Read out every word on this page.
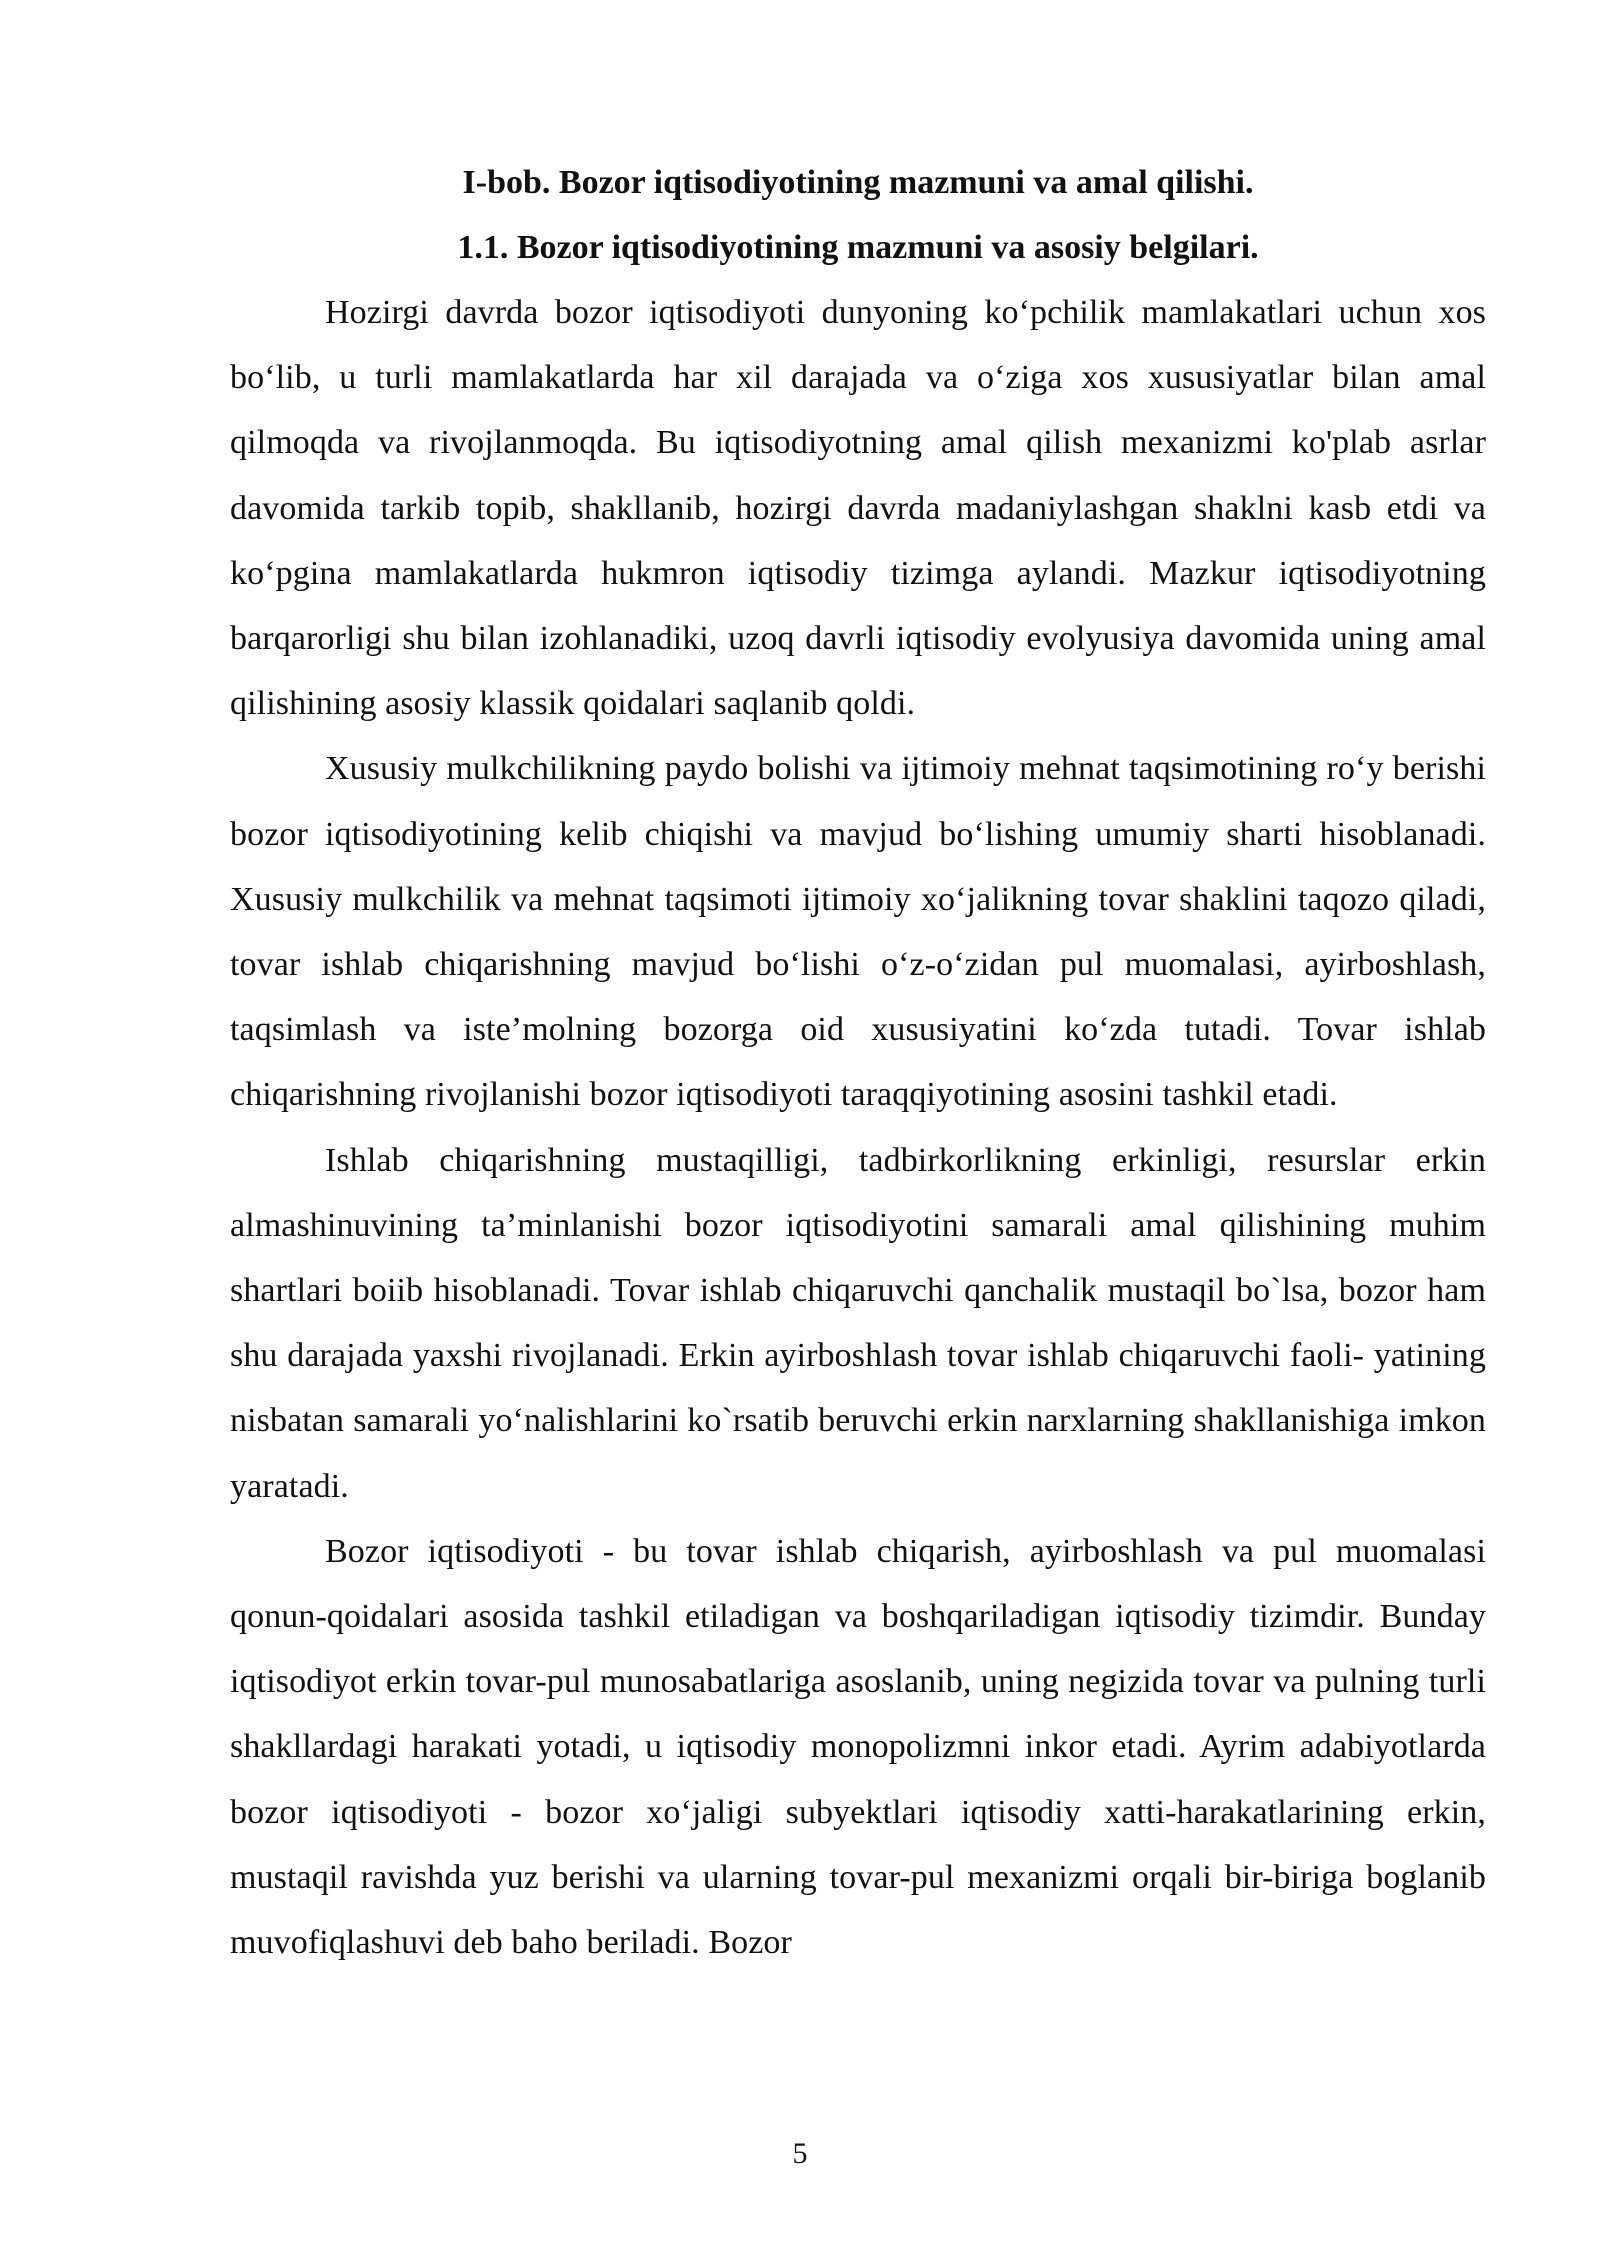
I-bob. Bozor iqtisodiyotining mazmuni va amal qilishi.
1.1. Bozor iqtisodiyotining mazmuni va asosiy belgilari.

Hozirgi davrda bozor iqtisodiyoti dunyoning ko‘pchilik mamlakatlari uchun xos bo‘lib, u turli mamlakatlarda har xil darajada va o‘ziga xos xususiyatlar bilan amal qilmoqda va rivojlanmoqda. Bu iqtisodiyotning amal qilish mexanizmi ko'plab asrlar davomida tarkib topib, shakllanib, hozirgi davrda madaniylashgan shaklni kasb etdi va ko‘pgina mamlakatlarda hukmron iqtisodiy tizimga aylandi. Mazkur iqtisodiyotning barqarorligi shu bilan izohlanadiki, uzoq davrli iqtisodiy evolyusiya davomida uning amal qilishining asosiy klassik qoidalari saqlanib qoldi.

Xususiy mulkchilikning paydo bolishi va ijtimoiy mehnat taqsimotining ro‘y berishi bozor iqtisodiyotining kelib chiqishi va mavjud bo‘lishing umumiy sharti hisoblanadi. Xususiy mulkchilik va mehnat taqsimoti ijtimoiy xo‘jalikning tovar shaklini taqozo qiladi, tovar ishlab chiqarishning mavjud bo‘lishi o‘z-o‘zidan pul muomalasi, ayirboshlash, taqsimlash va iste’molning bozorga oid xususiyatini ko‘zda tutadi. Tovar ishlab chiqarishning rivojlanishi bozor iqtisodiyoti taraqqiyotining asosini tashkil etadi.

Ishlab chiqarishning mustaqilligi, tadbirkorlikning erkinligi, resurslar erkin almashinuvining ta’minlanishi bozor iqtisodiyotini samarali amal qilishining muhim shartlari boiib hisoblanadi. Tovar ishlab chiqaruvchi qanchalik mustaqil bo`lsa, bozor ham shu darajada yaxshi rivojlanadi. Erkin ayirboshlash tovar ishlab chiqaruvchi faoli- yatining nisbatan samarali yo‘nalishlarini ko`rsatib beruvchi erkin narxlarning shakllanishiga imkon yaratadi.

Bozor iqtisodiyoti - bu tovar ishlab chiqarish, ayirboshlash va pul muomalasi qonun-qoidalari asosida tashkil etiladigan va boshqariladigan iqtisodiy tizimdir. Bunday iqtisodiyot erkin tovar-pul munosabatlariga asoslanib, uning negizida tovar va pulning turli shakllardagi harakati yotadi, u iqtisodiy monopolizmni inkor etadi. Ayrim adabiyotlarda bozor iqtisodiyoti - bozor xo‘jaligi subyektlari iqtisodiy xatti-harakatlarining erkin, mustaqil ravishda yuz berishi va ularning tovar-pul mexanizmi orqali bir-biriga boglanib muvofiqlashuvi deb baho beriladi. Bozor

5
